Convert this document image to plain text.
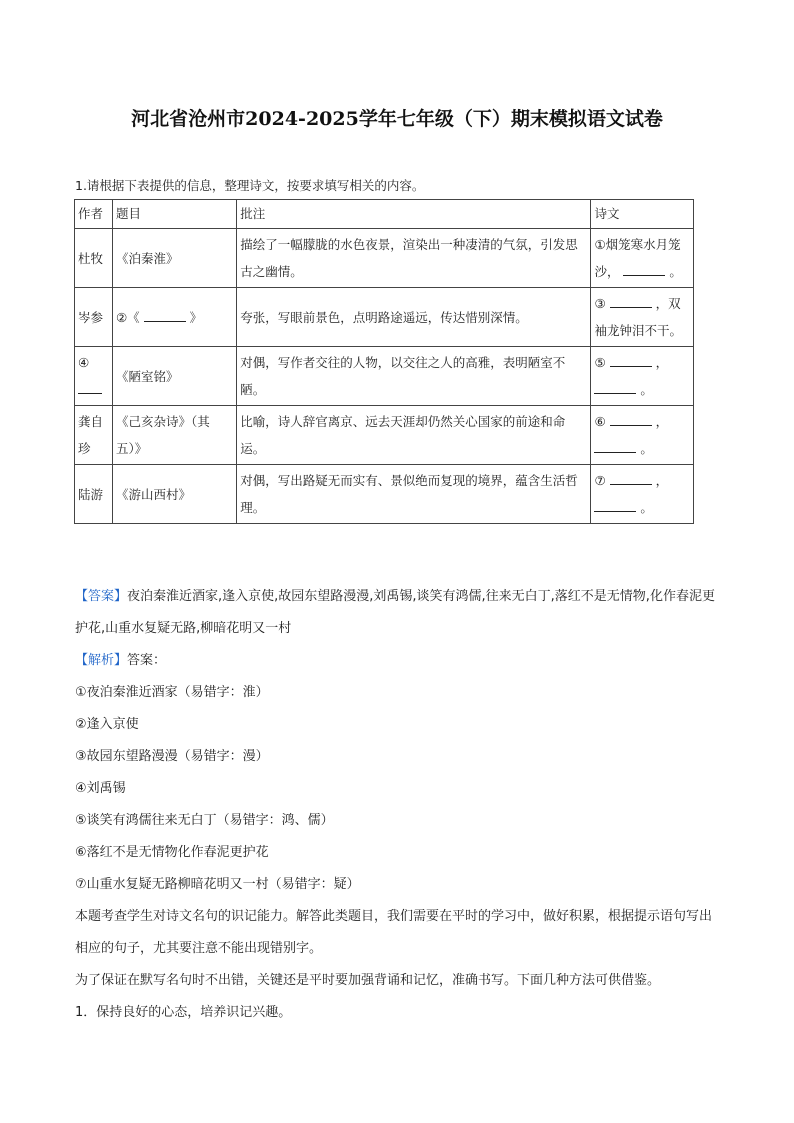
河北省沧州市2024-2025学年七年级（下）期末模拟语文试卷
1.请根据下表提供的信息，整理诗文，按要求填写相关的内容。
作者	题目	批注	诗文
杜牧	《泊秦淮》	描绘了一幅朦胧的水色夜景，渲染出一种凄清的气氛，引发思古之幽情。	①烟笼寒水月笼沙， 。
岑参	②《 》	夸张，写眼前景色，点明路途遥远，传达惜别深情。	③ ，双袖龙钟泪不干。
④	《陋室铭》	对偶，写作者交往的人物，以交往之人的高雅，表明陋室不陋。	⑤ ，
。
龚自珍	《己亥杂诗》（其五）》	比喻，诗人辞官离京、远去天涯却仍然关心国家的前途和命运。	⑥ ，
。
陆游	《游山西村》	对偶，写出路疑无而实有、景似绝而复现的境界，蕴含生活哲理。	⑦ ，
。

【答案】夜泊秦淮近酒家,逢入京使,故园东望路漫漫,刘禹锡,谈笑有鸿儒,往来无白丁,落红不是无情物,化作春泥更护花,山重水复疑无路,柳暗花明又一村

【解析】答案：

①夜泊秦淮近酒家（易错字：淮）

②逢入京使

③故园东望路漫漫（易错字：漫）

④刘禹锡

⑤谈笑有鸿儒往来无白丁（易错字：鸿、儒）

⑥落红不是无情物化作春泥更护花

⑦山重水复疑无路柳暗花明又一村（易错字：疑）

本题考查学生对诗文名句的识记能力。解答此类题目，我们需要在平时的学习中，做好积累，根据提示语句写出相应的句子，尤其要注意不能出现错别字。

为了保证在默写名句时不出错，关键还是平时要加强背诵和记忆，准确书写。下面几种方法可供借鉴。

1．保持良好的心态，培养识记兴趣。
